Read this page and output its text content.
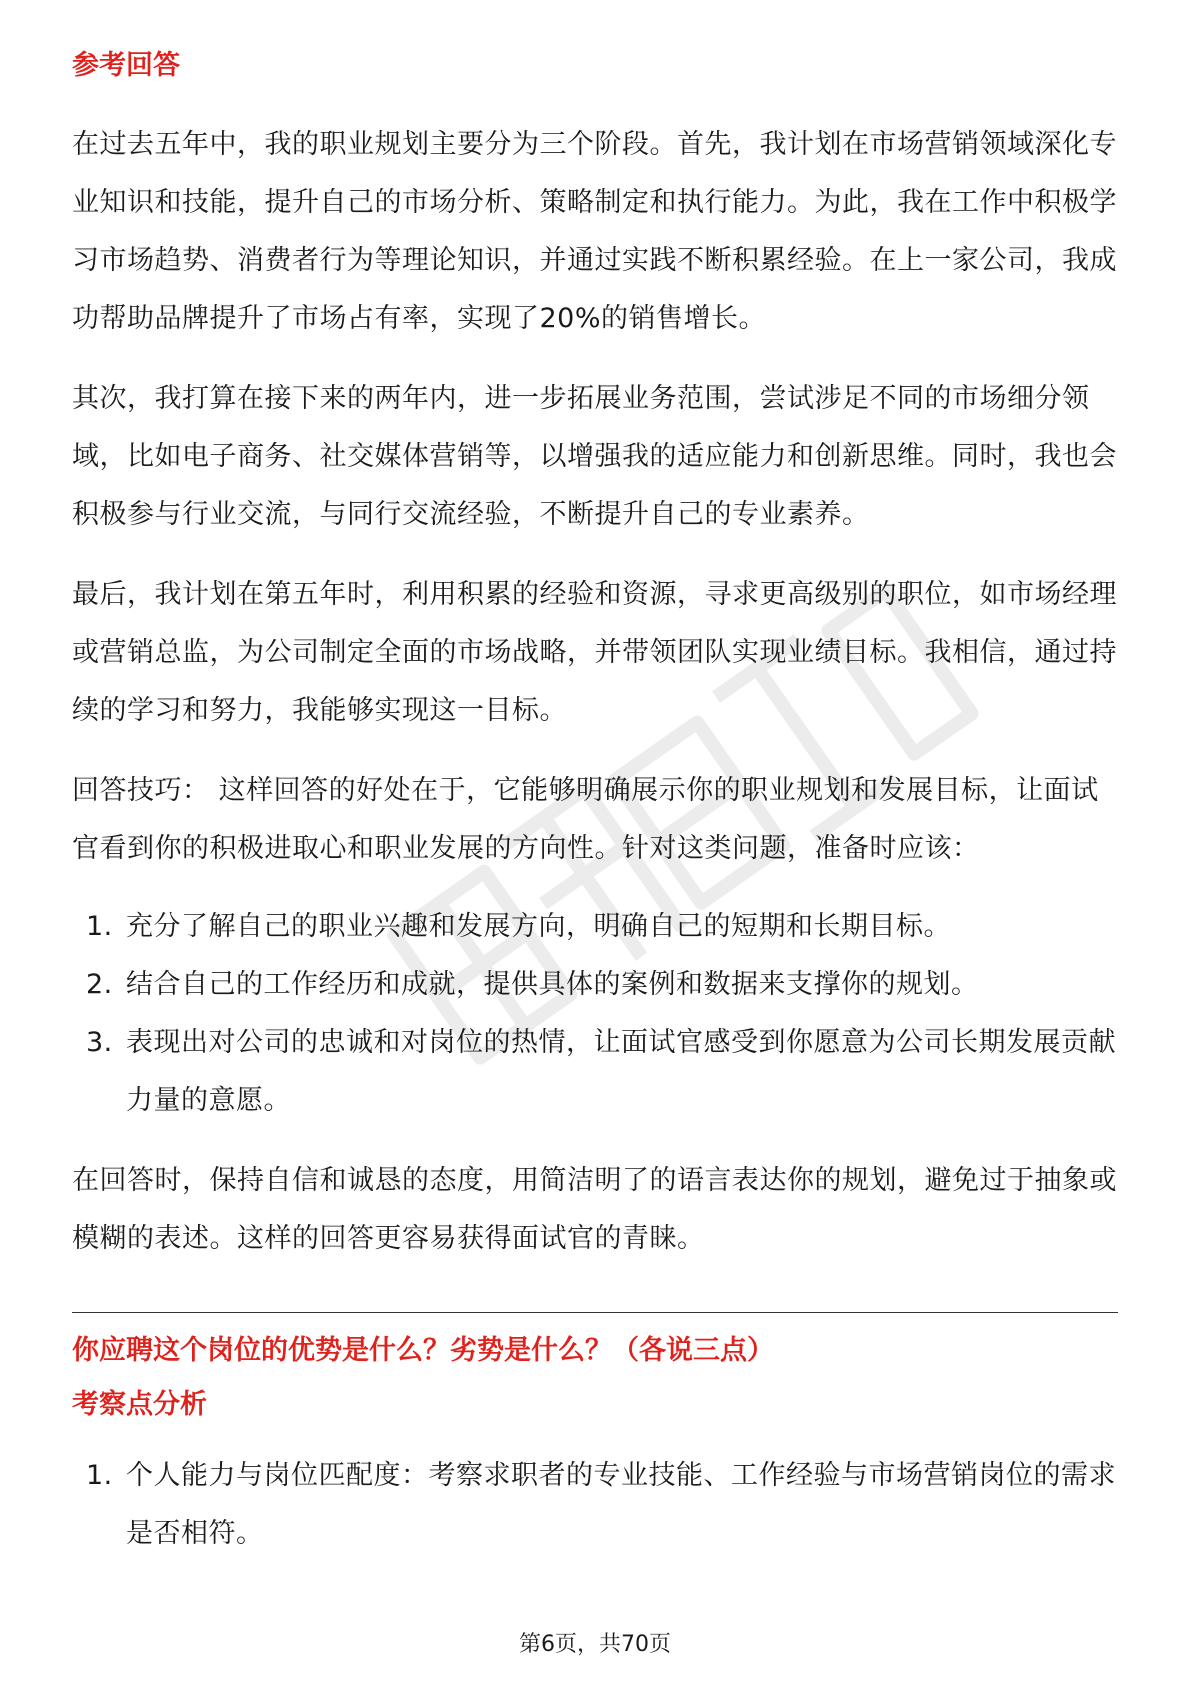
参考回答

在过去五年中，我的职业规划主要分为三个阶段。首先，我计划在市场营销领域深化专业知识和技能，提升自己的市场分析、策略制定和执行能力。为此，我在工作中积极学习市场趋势、消费者行为等理论知识，并通过实践不断积累经验。在上一家公司，我成功帮助品牌提升了市场占有率，实现了20%的销售增长。

其次，我打算在接下来的两年内，进一步拓展业务范围，尝试涉足不同的市场细分领域，比如电子商务、社交媒体营销等，以增强我的适应能力和创新思维。同时，我也会积极参与行业交流，与同行交流经验，不断提升自己的专业素养。

最后，我计划在第五年时，利用积累的经验和资源，寻求更高级别的职位，如市场经理或营销总监，为公司制定全面的市场战略，并带领团队实现业绩目标。我相信，通过持续的学习和努力，我能够实现这一目标。

回答技巧： 这样回答的好处在于，它能够明确展示你的职业规划和发展目标，让面试官看到你的积极进取心和职业发展的方向性。针对这类问题，准备时应该：

1. 充分了解自己的职业兴趣和发展方向，明确自己的短期和长期目标。
2. 结合自己的工作经历和成就，提供具体的案例和数据来支撑你的规划。
3. 表现出对公司的忠诚和对岗位的热情，让面试官感受到你愿意为公司长期发展贡献力量的意愿。

在回答时，保持自信和诚恳的态度，用简洁明了的语言表达你的规划，避免过于抽象或模糊的表述。这样的回答更容易获得面试官的青睐。

你应聘这个岗位的优势是什么？劣势是什么？（各说三点）
考察点分析
1. 个人能力与岗位匹配度：考察求职者的专业技能、工作经验与市场营销岗位的需求是否相符。
第6页，共70页
